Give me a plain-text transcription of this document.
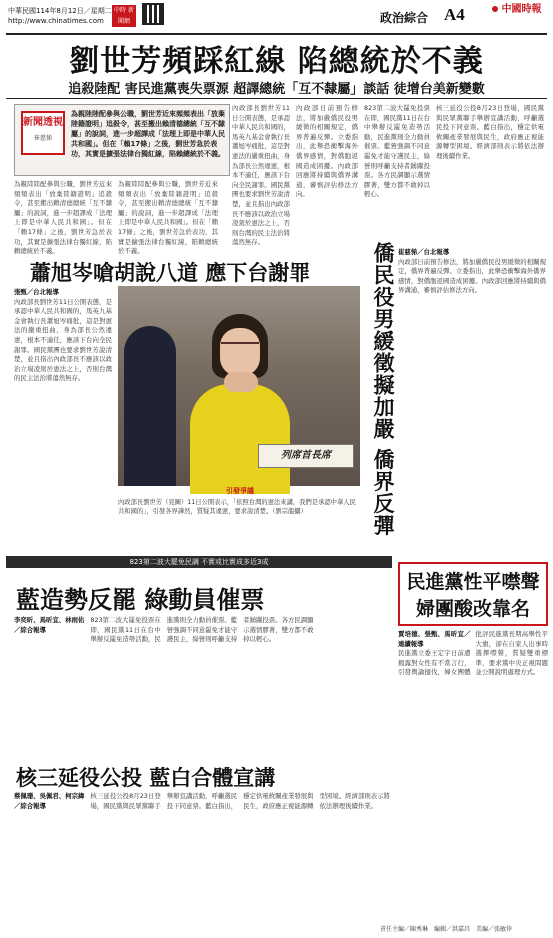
中華民國114年8月12日／星期二
http://www.chinatimes.com
中時 新聞網	政治綜合 A4	中國時報
劉世芳頻踩紅線 陷總統於不義
追殺陸配 害民進黨喪失票源 超譯總統「互不隸屬」談話 徒增台美新變數
新聞透視
崔慈悌
為親陸陸配參與公職，劉世芳近來頻頻表出「放棄陸籍證明」追殺令，甚至搬出賴清德總統「互不隸屬」的說詞，進一步超譯成「法理上即是中華人民共和國」。但在「賴17條」之後，劉世芳急於表功，其實是擴張法律台獨紅線，陷賴總統於不義。
為親陸陸配參與公職，劉世芳近來頻頻表出「放棄陸籍證明」追殺令，甚至搬出賴清德總統「互不隸屬」的說詞，進一步超譯成「法理上即是中華人民共和國」。但在「賴17條」之後，劉世芳急於表功，其實是擴張法律台獨紅線，陷賴總統於不義。
為親陸陸配參與公職，劉世芳近來頻頻表出「放棄陸籍證明」追殺令，甚至搬出賴清德總統「互不隸屬」的說詞，進一步超譯成「法理上即是中華人民共和國」。但在「賴17條」之後，劉世芳急於表功，其實是擴張法律台獨紅線，陷賴總統於不義。
內政部長劉世芳11日公開表態，是承認中華人民共和國的，馬英九基金會執行長蕭旭岑痛批，這是對憲法的嚴重扭曲，身為部長公然違憲，根本不適任，應該下台向全民謝罪。國民黨團也要求劉世芳說清楚，並且指出內政部長不應該以政治立場凌駕於憲法之上，否則台灣的民主法治將蕩然無存。
內政部日前預告修法，將加嚴僑民役男緩徵的相關規定，僑界普遍反彈。立委指出，此舉恐衝擊海外僑界感情，對僑胞返國造成困擾。內政部回應將持續與僑界溝通，審慎評估修法方向。
823第二波大罷免投票在即，國民黨11日在台中舉辦反罷免造勢活動，民進黨則全力動員催票。藍營強調不同意罷免才能守護民主，綠營則呼籲支持者踴躍投票。各方民調顯示選情膠著，雙方都不敢掉以輕心。
核三延役公投8月23日登場，國民黨與民眾黨聯手舉辦宣講活動，呼籲選民投下同意票。藍白指出，穩定供電攸關產業發展與民生，政府應正視能源轉型困境。經濟部則表示將依法辦理後續作業。
蕭旭岑嗆胡說八道 應下台謝罪
張甄／台北報導
內政部長劉世芳11日公開表態，是承認中華人民共和國的，馬英九基金會執行長蕭旭岑痛批，這是對憲法的嚴重扭曲，身為部長公然違憲，根本不適任，應該下台向全民謝罪。國民黨團也要求劉世芳說清楚，並且指出內政部長不應該以政治立場凌駕於憲法之上，否則台灣的民主法治將蕩然無存。
列席首長席
引發爭議
內政部長劉世芳（見圖）11日公開表示，「依照台灣的憲法來講，我們是承認中華人民共和國的」，引發各界譁然，質疑其違憲，要求說清楚。（劉宗龍攝）	僑民役男緩徵擬加嚴 僑界反彈 崔慈悌／台北報導
內政部日前預告修法，將加嚴僑民役男緩徵的相關規定，僑界普遍反彈。立委指出，此舉恐衝擊海外僑界感情，對僑胞返國造成困擾。內政部回應將持續與僑界溝通，審慎評估修法方向。
823第二波大罷免民調 不實或比實成多近3成
藍造勢反罷 綠動員催票
李奕昕、馬昕宜、林雨佑／綜合報導
823第二波大罷免投票在即，國民黨11日在台中舉辦反罷免造勢活動，民進黨則全力動員催票。藍營強調不同意罷免才能守護民主，綠營則呼籲支持者踴躍投票。各方民調顯示選情膠著，雙方都不敢掉以輕心。
核三延役公投 藍白合體宣講
蔡佩珊、吳佩君、柯宗緯／綜合報導
核三延役公投8月23日登場，國民黨與民眾黨聯手舉辦宣講活動，呼籲選民投下同意票。藍白指出，穩定供電攸關產業發展與民生，政府應正視能源轉型困境。經濟部則表示將依法辦理後續作業。
民進黨性平噤聲
婦團酸改靠名
賈培德、張甄、馬昕宜／連續報導
民進黨立委王定宇日前遭揭露對女性有不當言行，引發輿論撻伐，婦女團體批評民進黨長期高舉性平大旗，卻在自家人出事時選擇噤聲，質疑雙重標準，要求黨中央正視問題並公開說明處理方式。
責任主編／陳秀琳　編輯／洪嘉昌　美編／張敏倖
